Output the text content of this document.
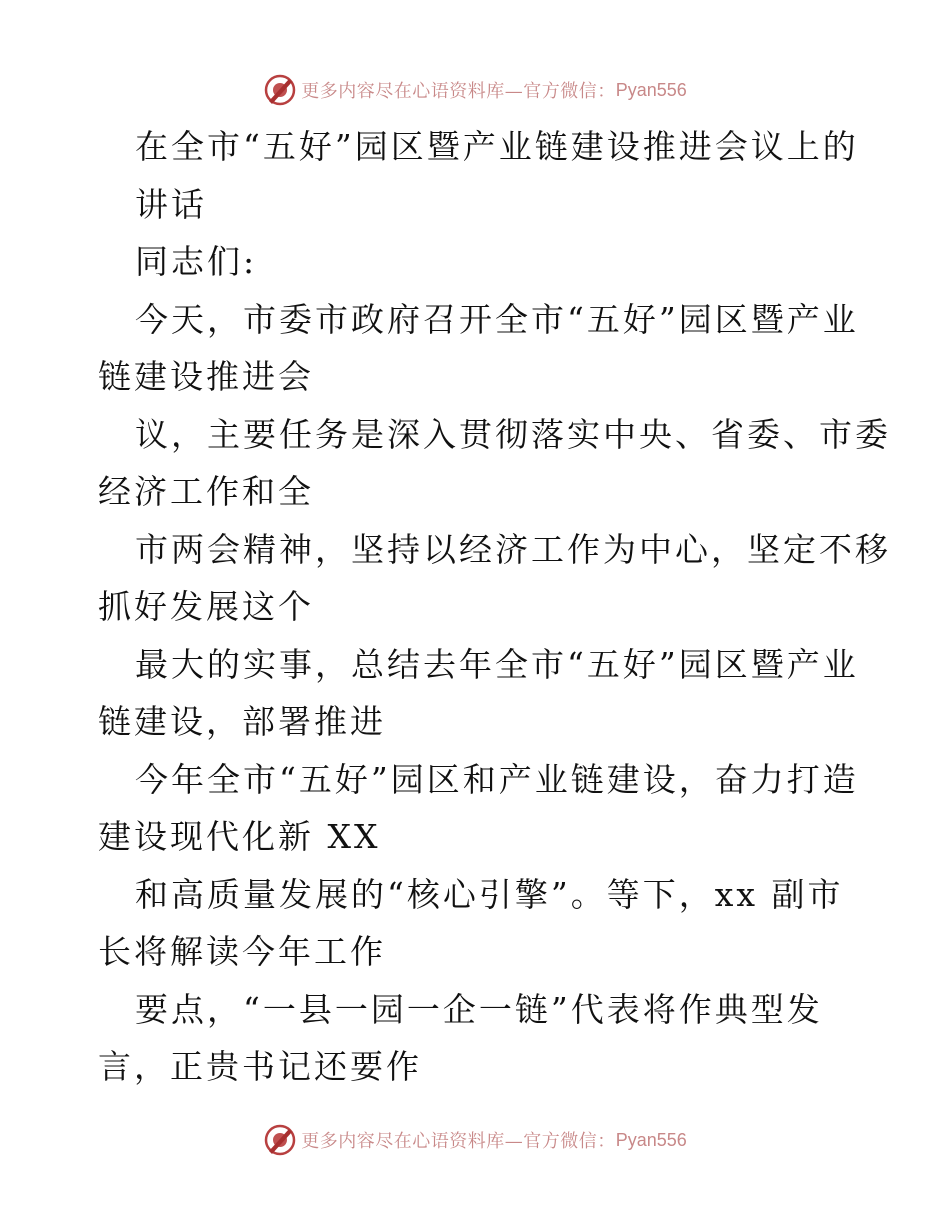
更多内容尽在心语资料库—官方微信： Pyan556
在全市“五好”园区暨产业链建设推进会议上的
讲话
同志们:
今天，市委市政府召开全市“五好”园区暨产业
链建设推进会
议，主要任务是深入贯彻落实中央、省委、市委
经济工作和全
市两会精神，坚持以经济工作为中心，坚定不移
抓好发展这个
最大的实事，总结去年全市“五好”园区暨产业
链建设，部署推进
今年全市“五好”园区和产业链建设，奋力打造
建设现代化新 XX
和高质量发展的“核心引擎”。等下，xx 副市
长将解读今年工作
要点，“一县一园一企一链”代表将作典型发
言，正贵书记还要作
更多内容尽在心语资料库—官方微信： Pyan556
